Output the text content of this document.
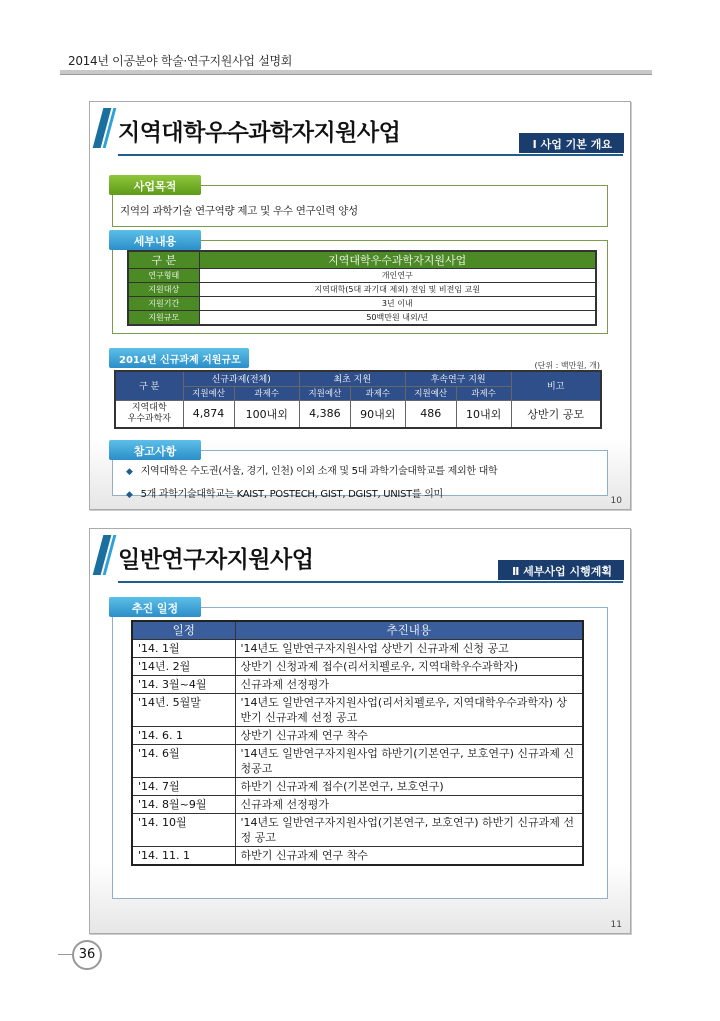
2014년 이공분야 학술·연구지원사업 설명회
지역대학우수과학자지원사업	Ⅰ 사업 기본 개요
사업목적
지역의 과학기술 연구역량 제고 및 우수 연구인력 양성
세부내용
구 분	지역대학우수과학자지원사업
연구형태	개인연구
지원대상	지역대학(5대 과기대 제외) 전임 및 비전임 교원
지원기간	3년 이내
지원규모	50백만원 내외/년
2014년 신규과제 지원규모	(단위 : 백만원, 개)
구 분	신규과제(전체)		최초 지원		후속연구 지원		비고
	지원예산	과제수	지원예산	과제수	지원예산	과제수	

지역대학
우수과학자	4,874	100내외	4,386	90내외	486	10내외	상반기 공모
참고사항
◆ 지역대학은 수도권(서울, 경기, 인천) 이외 소재 및 5대 과학기술대학교를 제외한 대학
◆ 5개 과학기술대학교는 KAIST, POSTECH, GIST, DGIST, UNIST를 의미
10
일반연구자지원사업	Ⅱ 세부사업 시행계획
추진 일정
일정	추진내용
'14. 1월	'14년도 일반연구자지원사업 상반기 신규과제 신청 공고
'14년. 2월	상반기 신청과제 접수(리서치펠로우, 지역대학우수과학자)
'14. 3월~4월	신규과제 선정평가
'14년. 5월말	'14년도 일반연구자지원사업(리서치펠로우, 지역대학우수과학자) 상반기 신규과제 선정 공고
'14. 6. 1	상반기 신규과제 연구 착수
'14. 6월	'14년도 일반연구자지원사업 하반기(기본연구, 보호연구) 신규과제 신청공고
'14. 7월	하반기 신규과제 접수(기본연구, 보호연구)
'14. 8월~9월	신규과제 선정평가
'14. 10월	'14년도 일반연구자지원사업(기본연구, 보호연구) 하반기 신규과제 선정 공고
'14. 11. 1	하반기 신규과제 연구 착수
11
36
